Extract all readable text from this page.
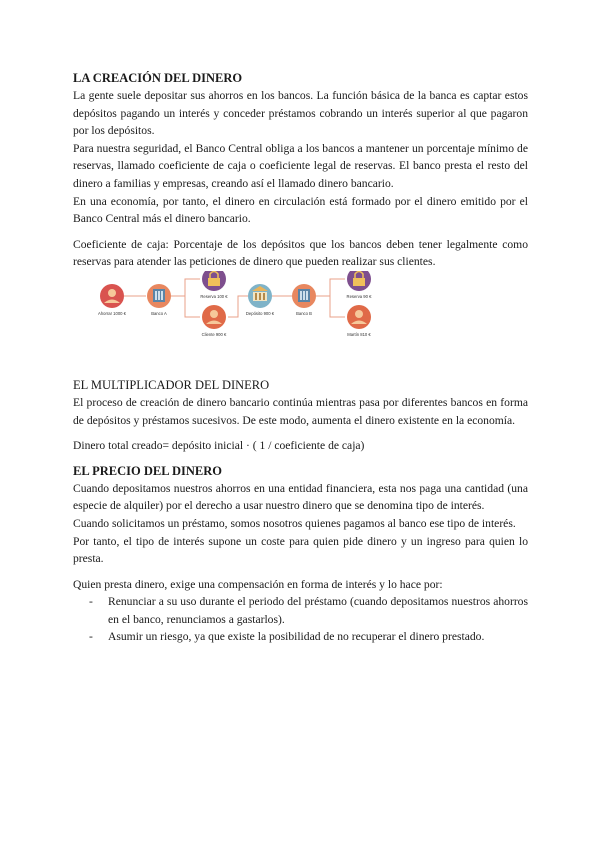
LA CREACIÓN DEL DINERO

La gente suele depositar sus ahorros en los bancos. La función básica de la banca es captar estos depósitos pagando un interés y conceder préstamos cobrando un interés superior al que pagaron por los depósitos.

Para nuestra seguridad, el Banco Central obliga a los bancos a mantener un porcentaje mínimo de reservas, llamado coeficiente de caja o coeficiente legal de reservas. El banco presta el resto del dinero a familias y empresas, creando así el llamado dinero bancario.

En una economía, por tanto, el dinero en circulación está formado por el dinero emitido por el Banco Central más el dinero bancario.

Coeficiente de caja: Porcentaje de los depósitos que los bancos deben tener legalmente como reservas para atender las peticiones de dinero que pueden realizar sus clientes.

Ahorrar 1000 €	Banco A
Reserva 100 €
Cliente 900 €
Depósito 900 €	Banco B
Reserva 90 €
Martín 810 €
EL MULTIPLICADOR DEL DINERO

El proceso de creación de dinero bancario continúa mientras pasa por diferentes bancos en forma de depósitos y préstamos sucesivos. De este modo, aumenta el dinero existente en la economía.

Dinero total creado= depósito inicial · ( 1 / coeficiente de caja)

EL PRECIO DEL DINERO

Cuando depositamos nuestros ahorros en una entidad financiera, esta nos paga una cantidad (una especie de alquiler) por el derecho a usar nuestro dinero que se denomina tipo de interés.

Cuando solicitamos un préstamo, somos nosotros quienes pagamos al banco ese tipo de interés.

Por tanto, el tipo de interés supone un coste para quien pide dinero y un ingreso para quien lo presta.

Quien presta dinero, exige una compensación en forma de interés y lo hace por:

- Renunciar a su uso durante el periodo del préstamo (cuando depositamos nuestros ahorros en el banco, renunciamos a gastarlos).
- Asumir un riesgo, ya que existe la posibilidad de no recuperar el dinero prestado.
